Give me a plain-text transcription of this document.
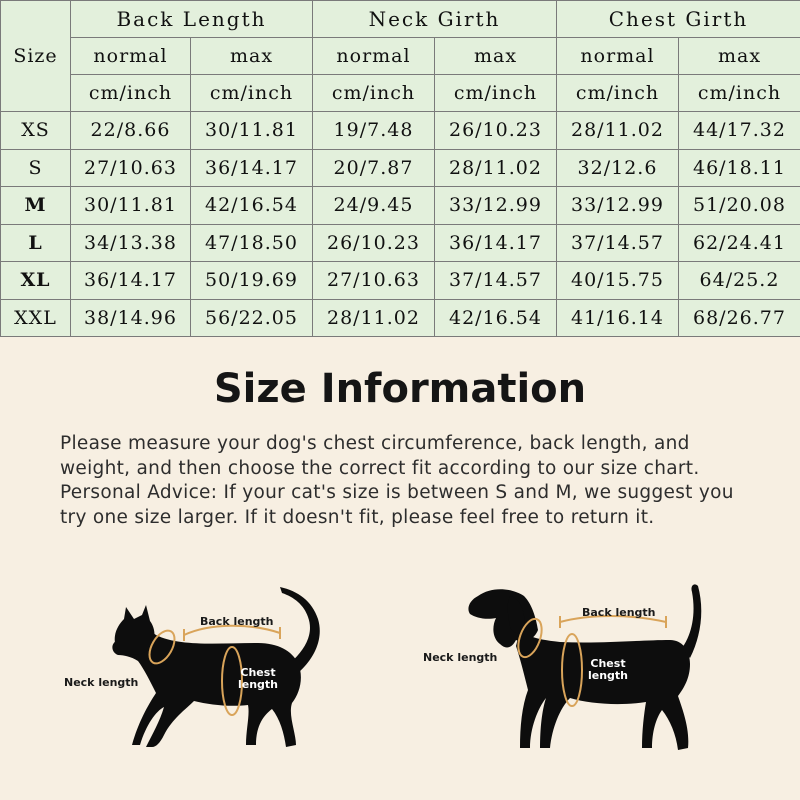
Size	Back Length		Neck Girth		Chest Girth	
	normal	max	normal	max	normal	max
	cm/inch	cm/inch	cm/inch	cm/inch	cm/inch	cm/inch
XS	22/8.66	30/11.81	19/7.48	26/10.23	28/11.02	44/17.32
S	27/10.63	36/14.17	20/7.87	28/11.02	32/12.6	46/18.11
M	30/11.81	42/16.54	24/9.45	33/12.99	33/12.99	51/20.08
L	34/13.38	47/18.50	26/10.23	36/14.17	37/14.57	62/24.41
XL	36/14.17	50/19.69	27/10.63	37/14.57	40/15.75	64/25.2
XXL	38/14.96	56/22.05	28/11.02	42/16.54	41/16.14	68/26.77
Size Information

Please measure your dog's chest circumference, back length, and weight, and then choose the correct fit according to our size chart. Personal Advice: If your cat's size is between S and M, we suggest you try one size larger. If it doesn't fit, please feel free to return it.

Back length
Neck length
Chest
length
Back length
Neck length	Chest
length
